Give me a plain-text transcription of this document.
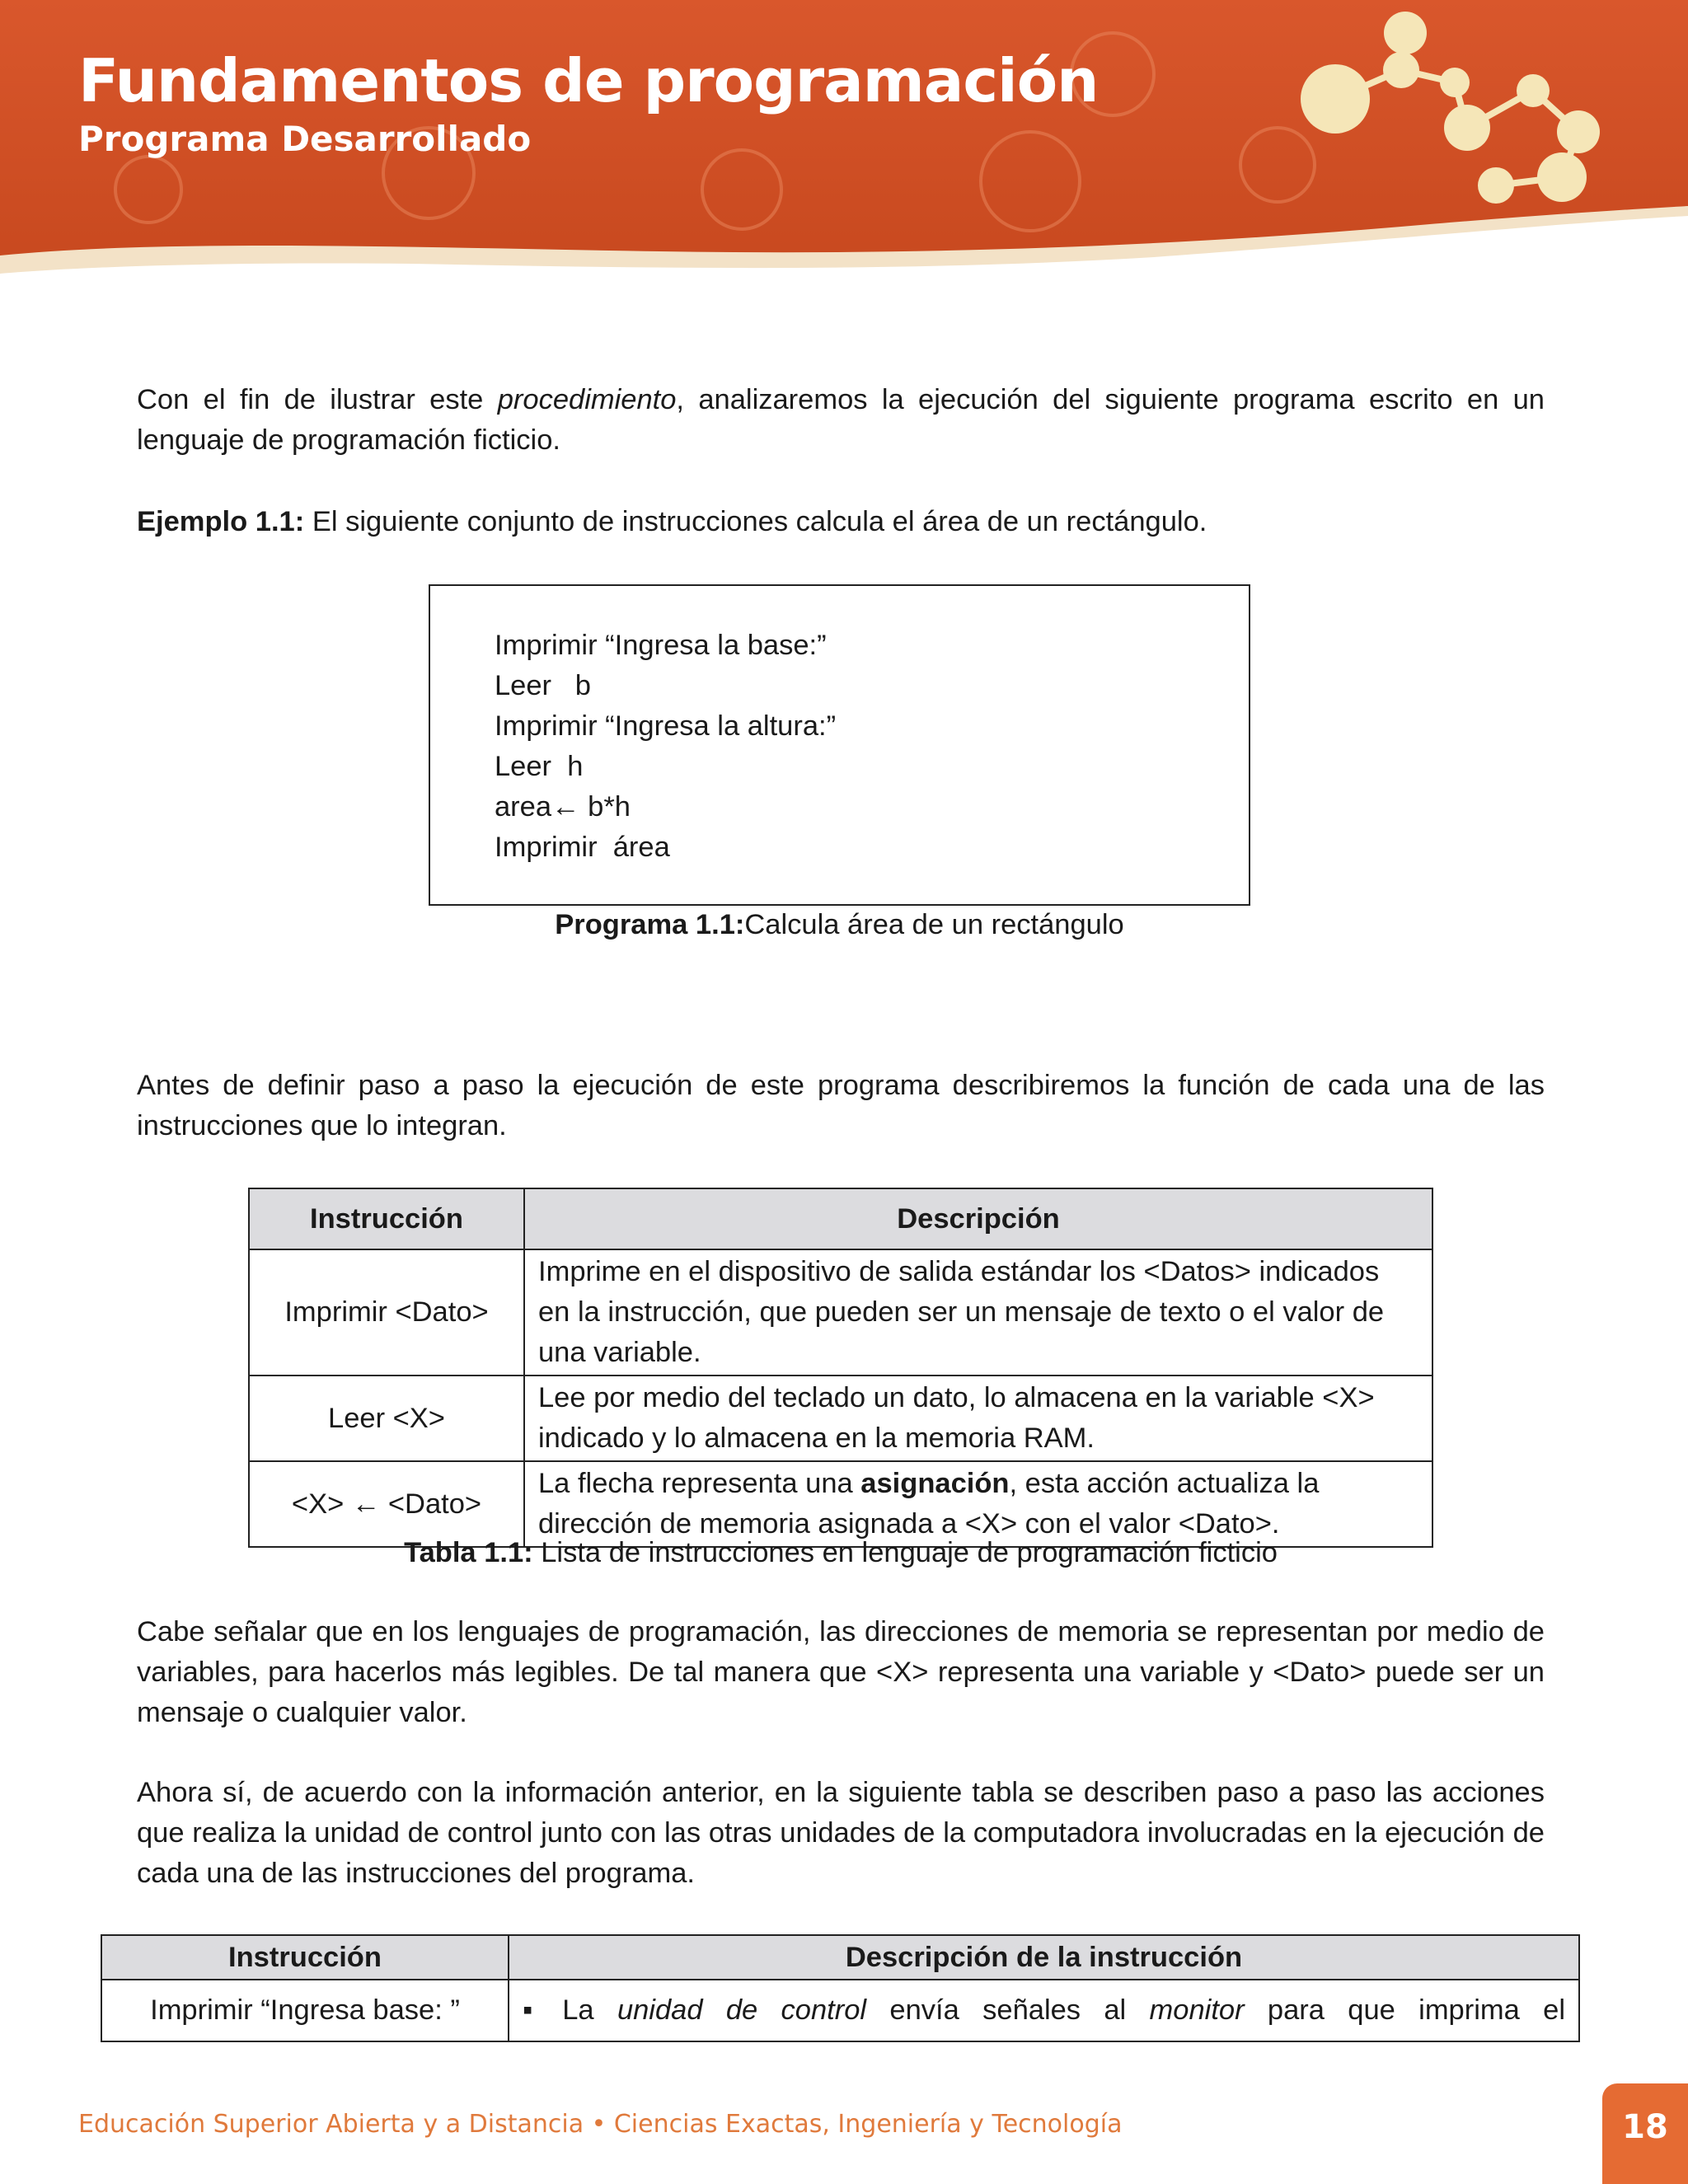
Fundamentos de programación
Programa Desarrollado

Con el fin de ilustrar este procedimiento, analizaremos la ejecución del siguiente programa escrito en un lenguaje de programación ficticio.

Ejemplo 1.1: El siguiente conjunto de instrucciones calcula el área de un rectángulo.

Imprimir “Ingresa la base:”
Leer   b
Imprimir “Ingresa la altura:”
Leer  h
area← b*h
Imprimir  área

Programa 1.1:Calcula área de un rectángulo

Antes de definir paso a paso la ejecución de este programa describiremos la función de cada una de las instrucciones que lo integran.

Instrucción	Descripción
Imprimir <Dato>	Imprime en el dispositivo de salida estándar los <Datos> indicados en la instrucción, que pueden ser un mensaje de texto o el valor de una variable.
Leer <X>	Lee por medio del teclado un dato, lo almacena en la variable <X> indicado y lo almacena en la memoria RAM.
<X> ← <Dato>	La flecha representa una asignación, esta acción actualiza la dirección de memoria asignada a <X> con el valor <Dato>.

Tabla 1.1: Lista de instrucciones en lenguaje de programación ficticio

Cabe señalar que en los lenguajes de programación, las direcciones de memoria se representan por medio de variables, para hacerlos más legibles. De tal manera que <X> representa una variable y <Dato> puede ser un mensaje o cualquier valor.

Ahora sí, de acuerdo con la información anterior, en la siguiente tabla se describen paso a paso las acciones que realiza la unidad de control junto con las otras unidades de la computadora involucradas en la ejecución de cada una de las instrucciones del programa.

Instrucción	Descripción de la instrucción
Imprimir “Ingresa base: ”	▪ La unidad de control envía señales al monitor para que imprima el

Educación Superior Abierta y a Distancia • Ciencias Exactas, Ingeniería y Tecnología	18
